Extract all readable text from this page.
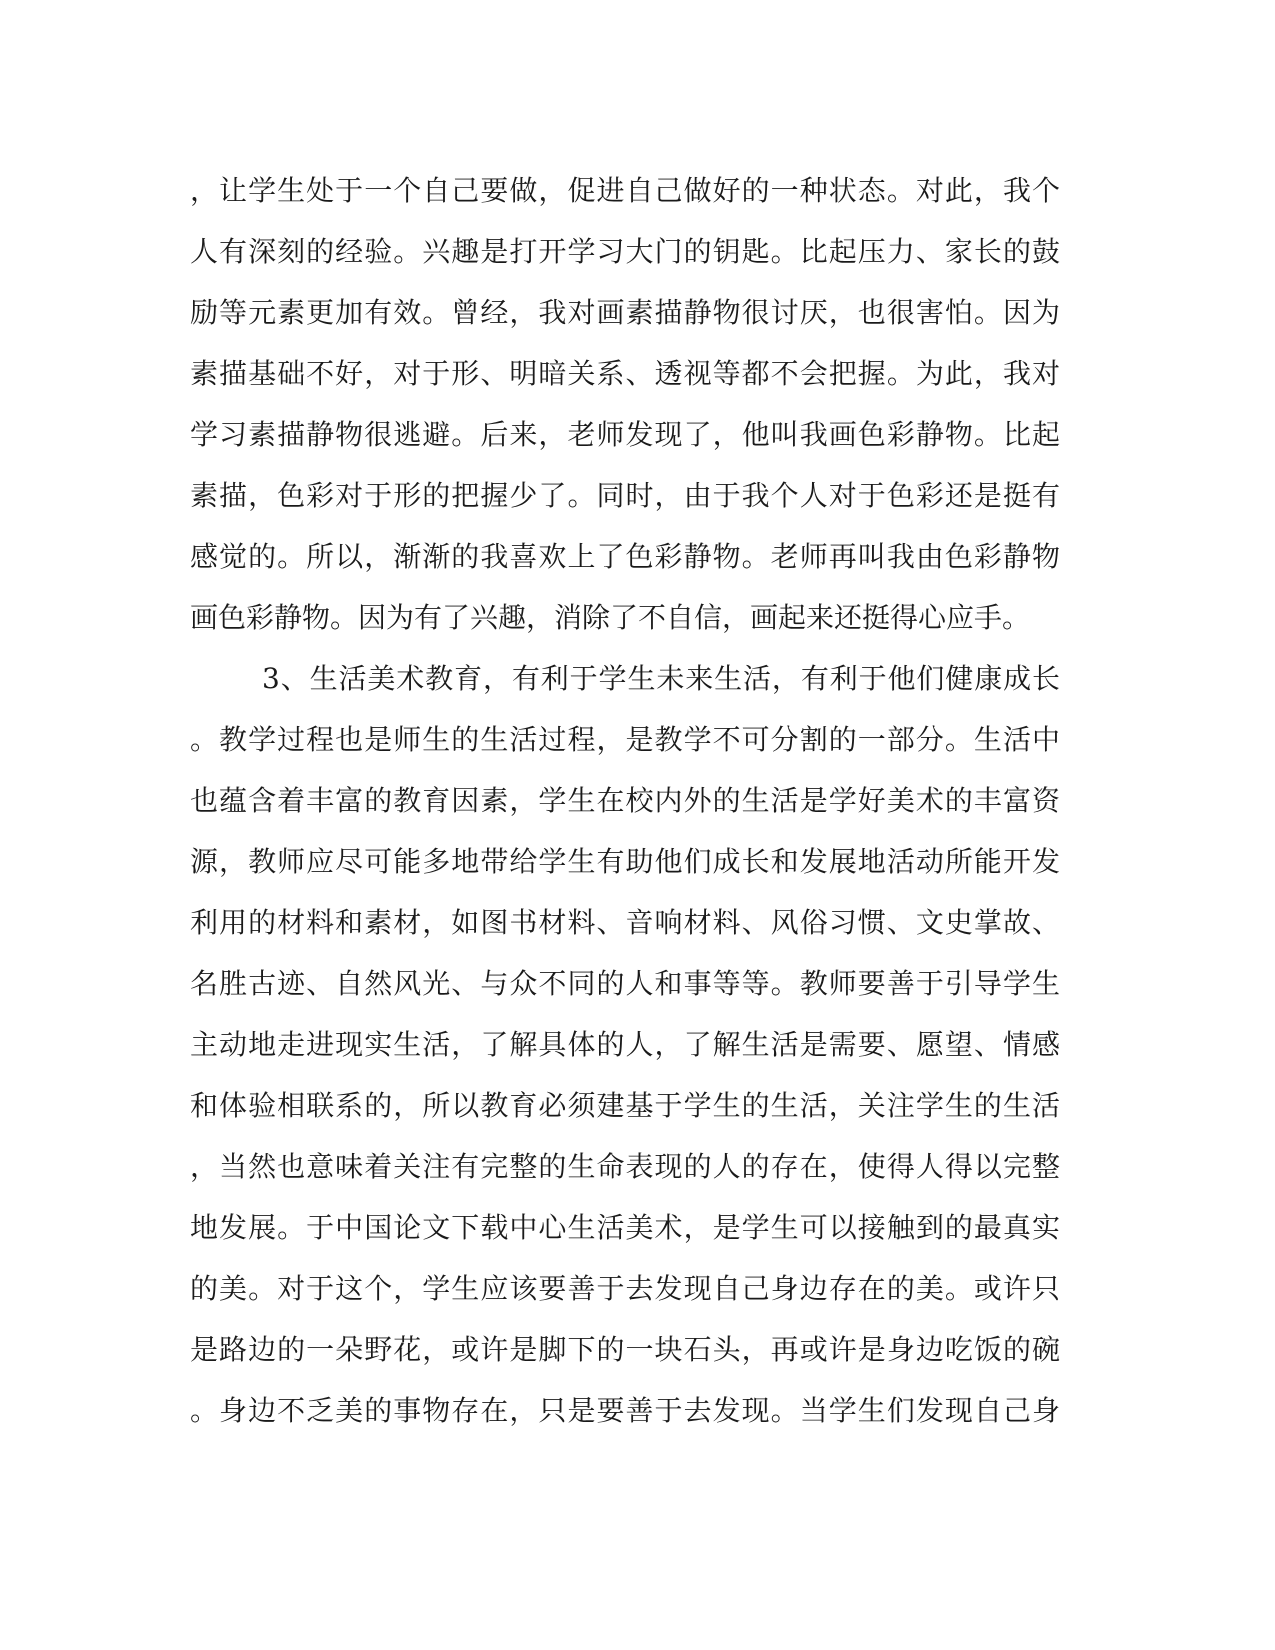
，让学生处于一个自己要做，促进自己做好的一种状态。对此，我个
人有深刻的经验。兴趣是打开学习大门的钥匙。比起压力、家长的鼓
励等元素更加有效。曾经，我对画素描静物很讨厌，也很害怕。因为
素描基础不好，对于形、明暗关系、透视等都不会把握。为此，我对
学习素描静物很逃避。后来，老师发现了，他叫我画色彩静物。比起
素描，色彩对于形的把握少了。同时，由于我个人对于色彩还是挺有
感觉的。所以，渐渐的我喜欢上了色彩静物。老师再叫我由色彩静物
画色彩静物。因为有了兴趣，消除了不自信，画起来还挺得心应手。
3、生活美术教育，有利于学生未来生活，有利于他们健康成长
。教学过程也是师生的生活过程，是教学不可分割的一部分。生活中
也蕴含着丰富的教育因素，学生在校内外的生活是学好美术的丰富资
源，教师应尽可能多地带给学生有助他们成长和发展地活动所能开发
利用的材料和素材，如图书材料、音响材料、风俗习惯、文史掌故、
名胜古迹、自然风光、与众不同的人和事等等。教师要善于引导学生
主动地走进现实生活，了解具体的人，了解生活是需要、愿望、情感
和体验相联系的，所以教育必须建基于学生的生活，关注学生的生活
，当然也意味着关注有完整的生命表现的人的存在，使得人得以完整
地发展。于中国论文下载中心生活美术，是学生可以接触到的最真实
的美。对于这个，学生应该要善于去发现自己身边存在的美。或许只
是路边的一朵野花，或许是脚下的一块石头，再或许是身边吃饭的碗
。身边不乏美的事物存在，只是要善于去发现。当学生们发现自己身
